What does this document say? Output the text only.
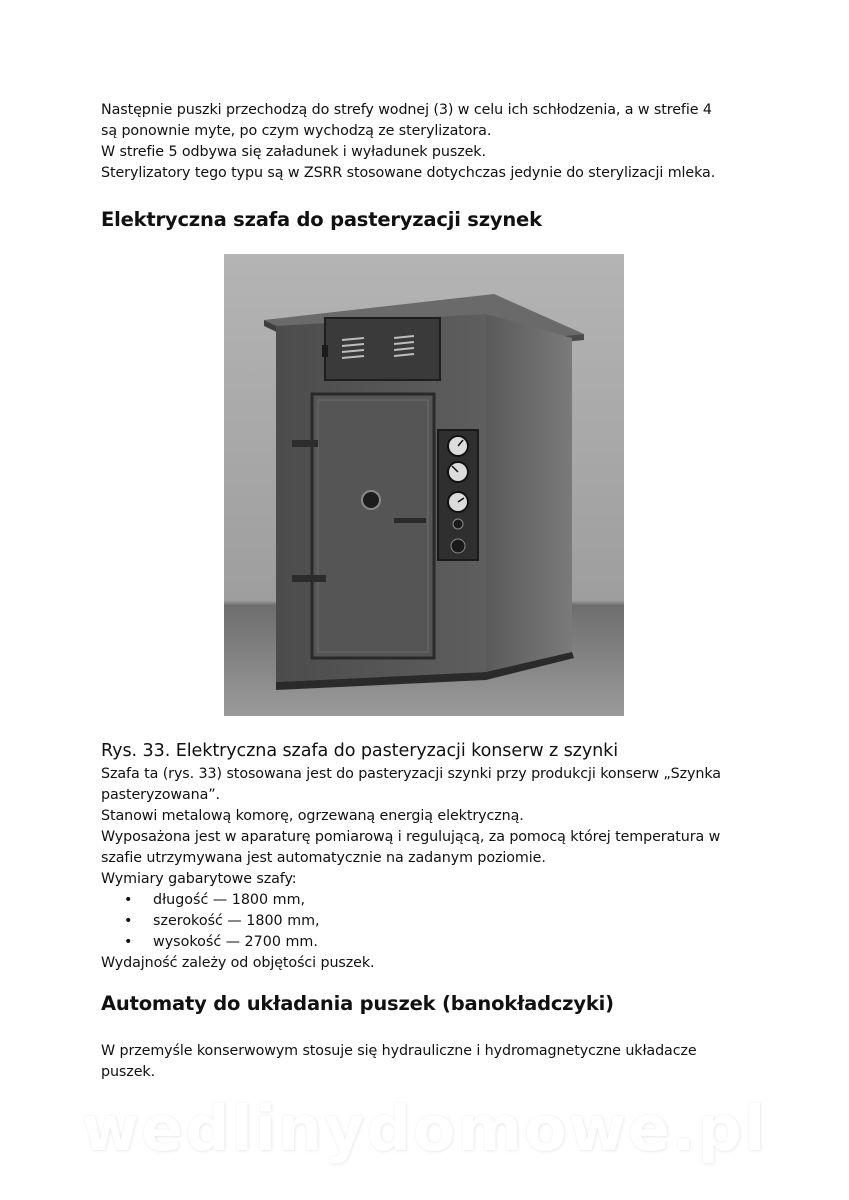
Następnie puszki przechodzą do strefy wodnej (3) w celu ich schłodzenia, a w strefie 4

są ponownie myte, po czym wychodzą ze sterylizatora.

W strefie 5 odbywa się załadunek i wyładunek puszek.

Sterylizatory tego typu są w ZSRR stosowane dotychczas jedynie do sterylizacji mleka.

Elektryczna szafa do pasteryzacji szynek
Rys. 33. Elektryczna szafa do pasteryzacji konserw z szynki

Szafa ta (rys. 33) stosowana jest do pasteryzacji szynki przy produkcji konserw „Szynka

pasteryzowana”.

Stanowi metalową komorę, ogrzewaną energią elektryczną.

Wyposażona jest w aparaturę pomiarową i regulującą, za pomocą której temperatura w

szafie utrzymywana jest automatycznie na zadanym poziomie.

Wymiary gabarytowe szafy:

• długość — 1800 mm,
• szerokość — 1800 mm,
• wysokość — 2700 mm.

Wydajność zależy od objętości puszek.

Automaty do układania puszek (banokładczyki)

W przemyśle konserwowym stosuje się hydrauliczne i hydromagnetyczne układacze

puszek.

wedlinydomowe.pl
